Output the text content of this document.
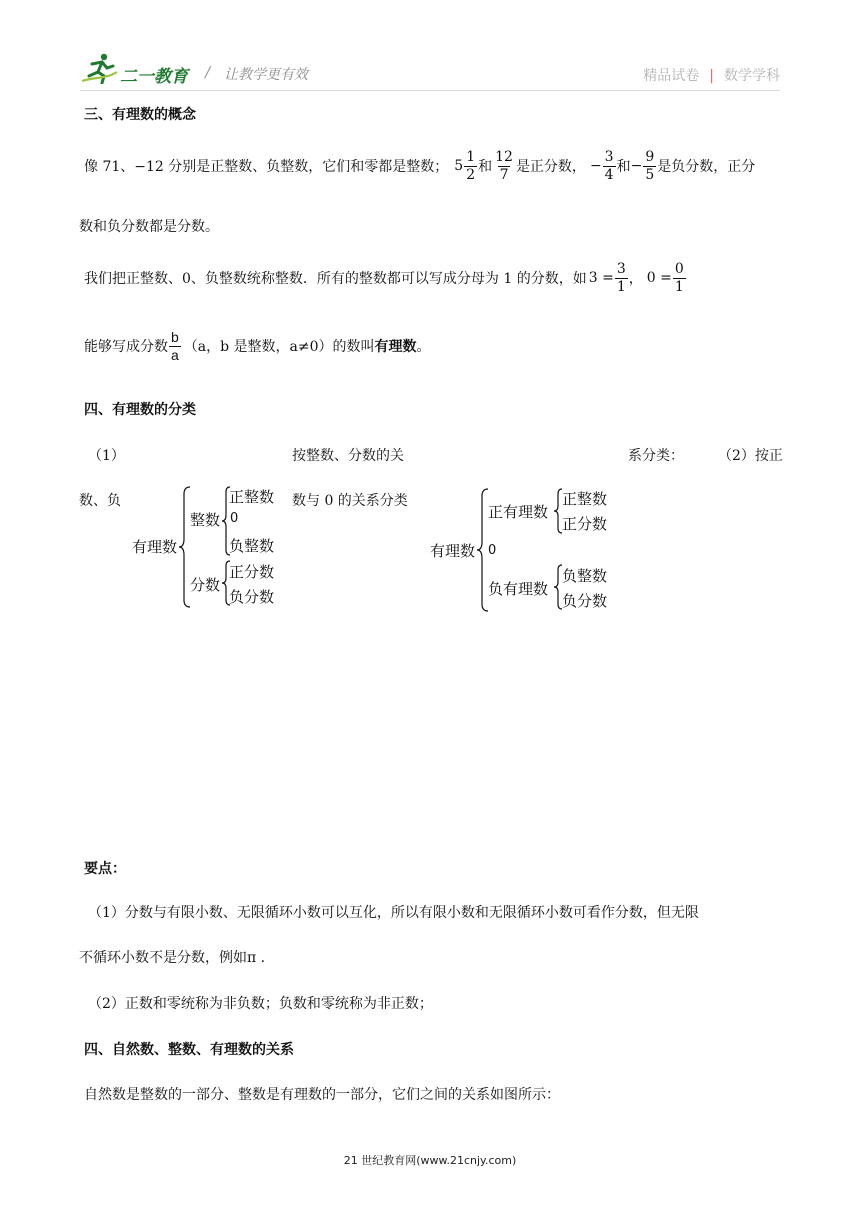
二一教育 / 让教学更有效	精品试卷 | 数学学科
三、有理数的概念
像 71、−12 分别是正整数、负整数，它们和零都是整数； $5 \frac{1}{2}$ 和 $\frac{12}{7}$ 是正分数， − $\frac{3}{4}$ 和 − $\frac{9}{5}$ 是负分数，正分
数和负分数都是分数。
我们把正整数、0、负整数统称整数．所有的整数都可以写成分母为 1 的分数，如 $3 = \frac{3}{1}$ ， $0 = \frac{0}{1}$
能够写成分数 $\frac{b}{a} (a$，b 是整数，a≠0）的数叫 有理数 。
四、有理数的分类
（1）	按整数、分数的关	系分类： （2）按正
数、负	数与 0 的关系分类
有理数
整数
正整数
0
负整数
分数
正分数
负分数
有理数
正有理数
正整数
正分数
0
负有理数
负整数
负分数
要点：
（1）分数与有限小数、无限循环小数可以互化，所以有限小数和无限循环小数可看作分数，但无限
不循环小数不是分数，例如π .
（2）正数和零统称为非负数；负数和零统称为非正数；
四、自然数、整数、有理数的关系
自然数是整数的一部分、整数是有理数的一部分，它们之间的关系如图所示：
21 世纪教育网(www.21cnjy.com)
